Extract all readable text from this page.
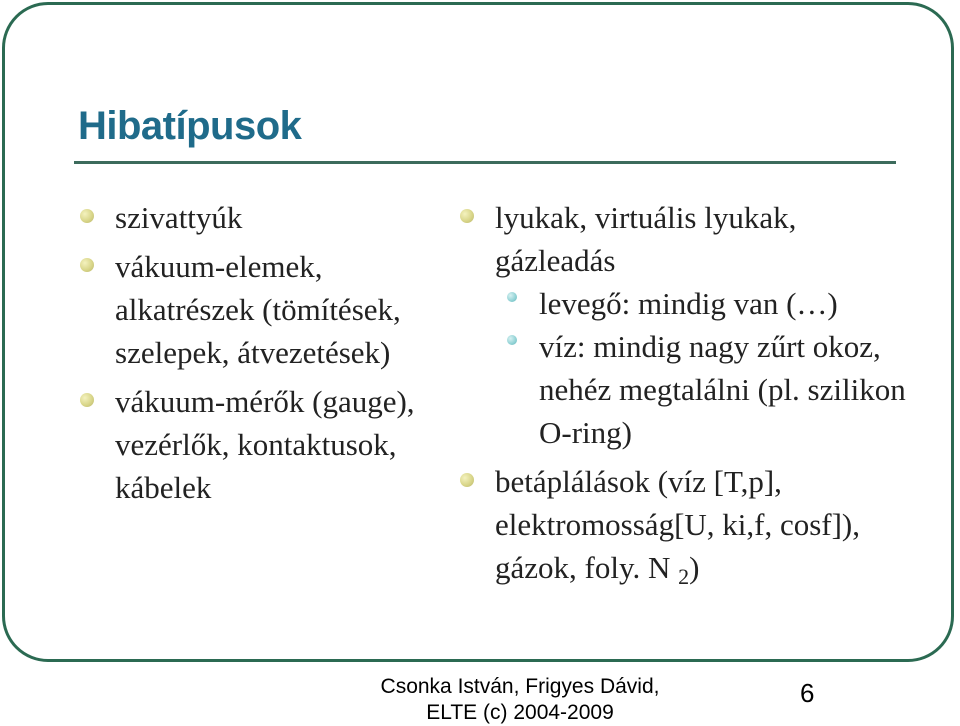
Hibatípusok
szivattyúk
vákuum-elemek, alkatrészek (tömítések, szelepek, átvezetések)
vákuum-mérők (gauge), vezérlők, kontaktusok, kábelek
lyukak, virtuális lyukak, gázleadás
levegő: mindig van (…)
víz: mindig nagy zűrt okoz, nehéz megtalálni (pl. szilikon O-ring)
betáplálások (víz [T,p], elektromosság[U, ki,f, cosf]), gázok, foly. N $_2$)
Csonka István, Frigyes Dávid,
ELTE (c) 2004-2009
6
